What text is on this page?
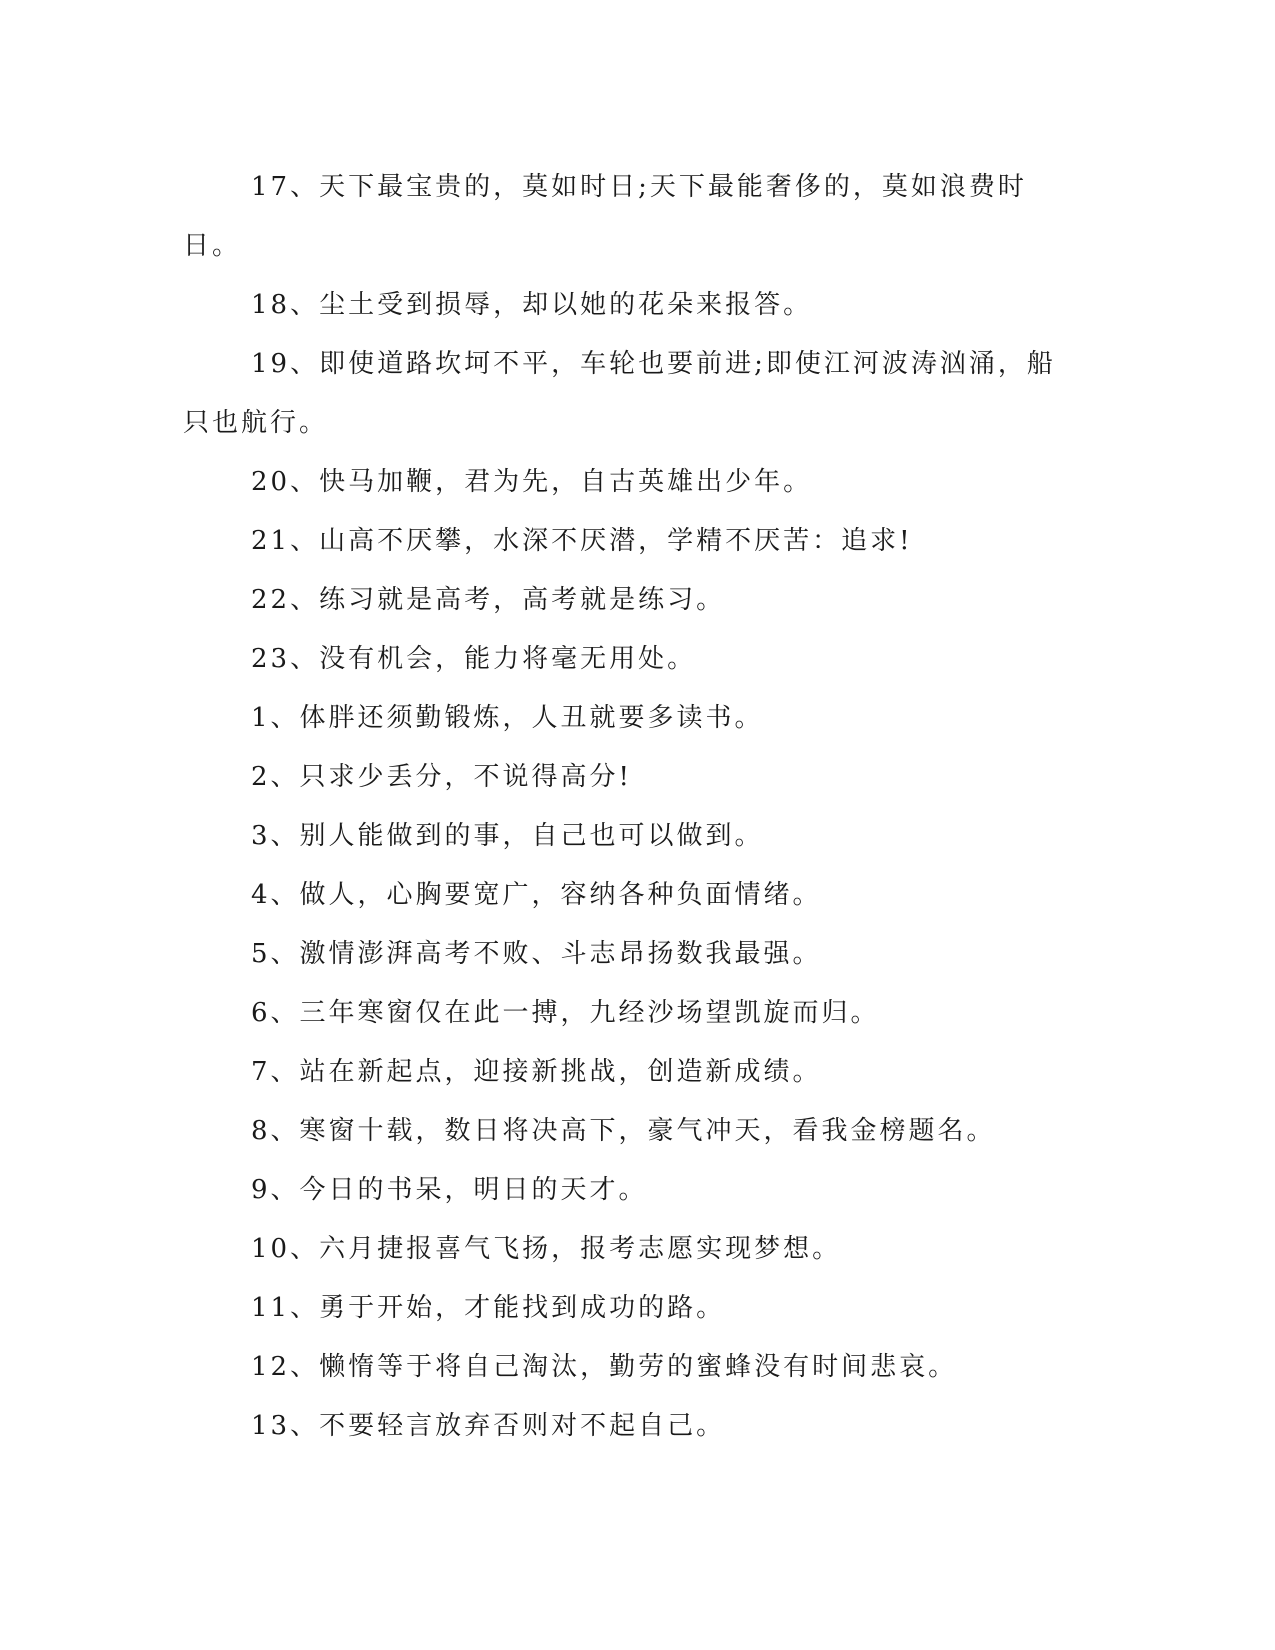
17、天下最宝贵的，莫如时日;天下最能奢侈的，莫如浪费时日。

18、尘土受到损辱，却以她的花朵来报答。

19、即使道路坎坷不平，车轮也要前进;即使江河波涛汹涌，船只也航行。

20、快马加鞭，君为先，自古英雄出少年。

21、山高不厌攀，水深不厌潜，学精不厌苦：追求!

22、练习就是高考，高考就是练习。

23、没有机会，能力将毫无用处。

1、体胖还须勤锻炼，人丑就要多读书。

2、只求少丢分，不说得高分!

3、别人能做到的事，自己也可以做到。

4、做人，心胸要宽广，容纳各种负面情绪。

5、激情澎湃高考不败、斗志昂扬数我最强。

6、三年寒窗仅在此一搏，九经沙场望凯旋而归。

7、站在新起点，迎接新挑战，创造新成绩。

8、寒窗十载，数日将决高下，豪气冲天，看我金榜题名。

9、今日的书呆，明日的天才。

10、六月捷报喜气飞扬，报考志愿实现梦想。

11、勇于开始，才能找到成功的路。

12、懒惰等于将自己淘汰，勤劳的蜜蜂没有时间悲哀。

13、不要轻言放弃否则对不起自己。
